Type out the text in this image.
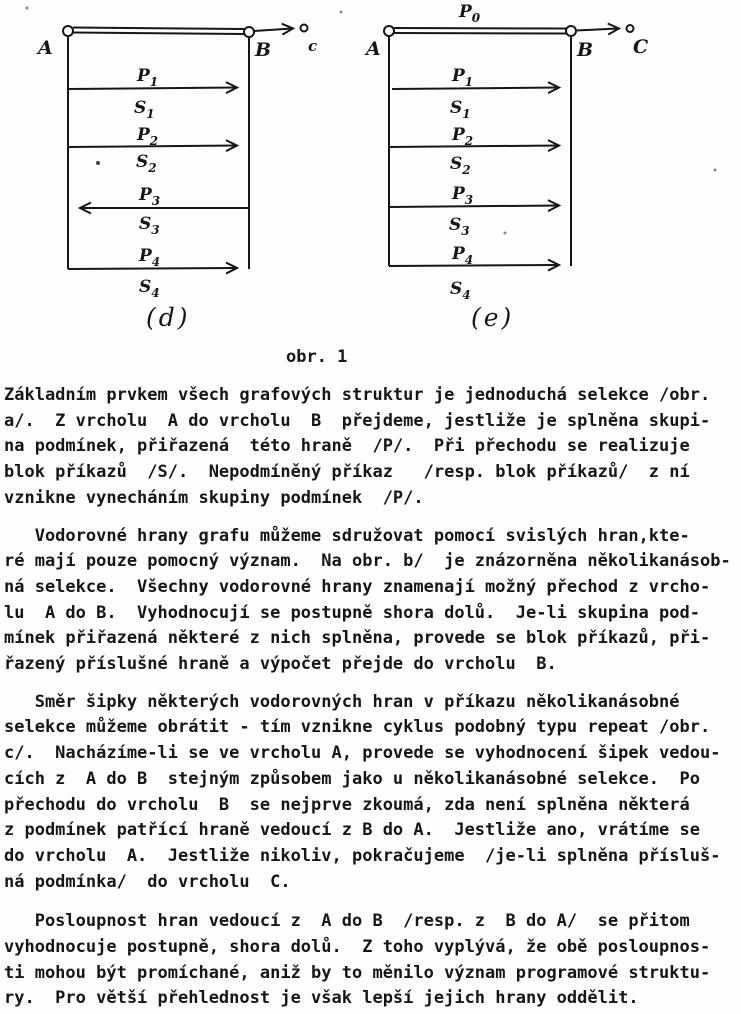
A	B c
$P_1$
$S_1$
$P_2$
$S_2$
$P_3$
$S_3$
$P_4$
$S_4$
(d)
$P_0$
A	B C
$P_1$
$S_1$
$P_2$
$S_2$
$P_3$
$S_3$
$P_4$
$S_4$
(e)
obr. 1
Základním prvkem všech grafových struktur je jednoduchá selekce /obr.
a/.  Z vrcholu  A do vrcholu  B  přejdeme, jestliže je splněna skupi-
na podmínek, přiřazená  této hraně  /P/.  Při přechodu se realizuje
blok příkazů  /S/.  Nepodmíněný příkaz   /resp. blok příkazů/  z ní
vznikne vynecháním skupiny podmínek  /P/.
Vodorovné hrany grafu můžeme sdružovat pomocí svislých hran,kte-
ré mají pouze pomocný význam.  Na obr. b/  je znázorněna několikanásob-
ná selekce.  Všechny vodorovné hrany znamenají možný přechod z vrcho-
lu  A do B.  Vyhodnocují se postupně shora dolů.  Je-li skupina pod-
mínek přiřazená některé z nich splněna, provede se blok příkazů, při-
řazený příslušné hraně a výpočet přejde do vrcholu  B.
Směr šipky některých vodorovných hran v příkazu několikanásobné
selekce můžeme obrátit - tím vznikne cyklus podobný typu repeat /obr.
c/.  Nacházíme-li se ve vrcholu A, provede se vyhodnocení šipek vedou-
cích z  A do B  stejným způsobem jako u několikanásobné selekce.  Po
přechodu do vrcholu  B  se nejprve zkoumá, zda není splněna některá
z podmínek patřící hraně vedoucí z B do A.  Jestliže ano, vrátíme se
do vrcholu  A.  Jestliže nikoliv, pokračujeme  /je-li splněna přísluš-
ná podmínka/  do vrcholu  C.
Posloupnost hran vedoucí z  A do B  /resp. z  B do A/  se přitom
vyhodnocuje postupně, shora dolů.  Z toho vyplývá, že obě posloupnos-
ti mohou být promíchané, aniž by to měnilo význam programové struktu-
ry.  Pro větší přehlednost je však lepší jejich hrany oddělit.
